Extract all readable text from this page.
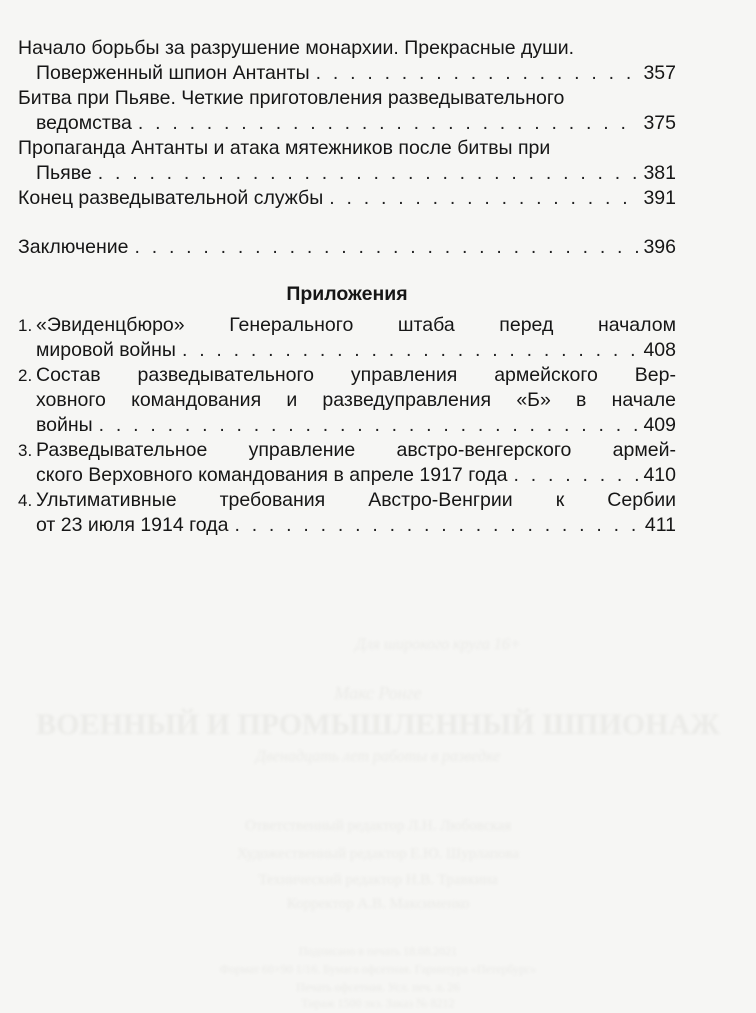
Начало борьбы за разрушение монархии. Прекрасные души.
Поверженный шпион Антанты . . .	357
Битва при Пьяве. Четкие приготовления разведывательного
ведомства . . .	375
Пропаганда Антанты и атака мятежников после битвы при
Пьяве . . .	381
Конец разведывательной службы . . .	391
Заключение . . .	396
Приложения
1. «Эвиденцбюро» Генерального штаба перед началом
мировой войны . . .	408
2. Состав разведывательного управления армейского Вер-
ховного командования и разведуправления «Б» в начале
войны . . .	409
3. Разведывательное управление австро-венгерского армей-
ского Верховного командования в апреле 1917 года . . .	410
4. Ультимативные требования Австро-Венгрии к Сербии
от 23 июля 1914 года . . .	411
Для широкого круга 16+
Макс Ронге
ВОЕННЫЙ И ПРОМЫШЛЕННЫЙ ШПИОНАЖ
Двенадцать лет работы в разведке
Ответственный редактор Л.Н. Любовская
Художественный редактор Е.Ю. Шурлапова
Технический редактор Н.В. Травкина
Корректор А.В. Максименко
Подписано в печать 18.08.2021
Формат 60×90 1/16. Бумага офсетная. Гарнитура «Петербург»
Печать офсетная. Усл. печ. л. 26
Тираж 1500 экз. Заказ № 8212
